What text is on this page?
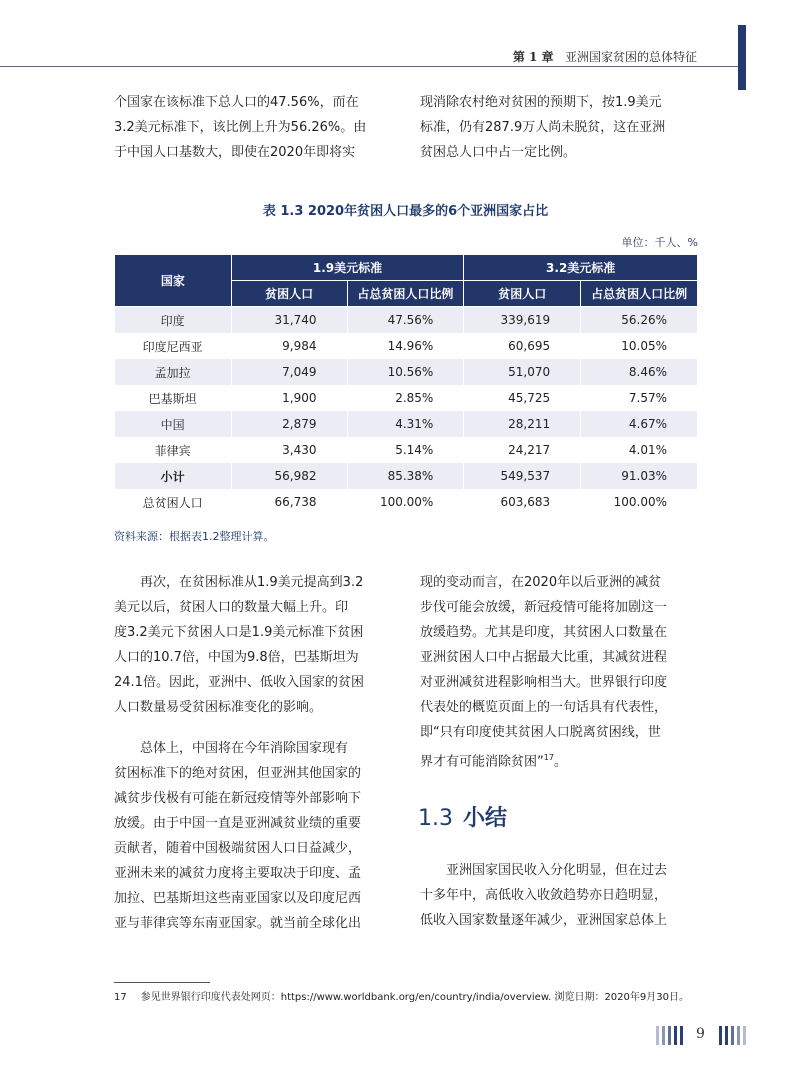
第 1 章 亚洲国家贫困的总体特征

个国家在该标准下总人口的47.56%，而在

3.2美元标准下，该比例上升为56.26%。由

于中国人口基数大，即使在2020年即将实

现消除农村绝对贫困的预期下，按1.9美元

标准，仍有287.9万人尚未脱贫，这在亚洲

贫困总人口中占一定比例。

表 1.3 2020年贫困人口最多的6个亚洲国家占比
单位：千人、%
国家	1.9美元标准		3.2美元标准	
	贫困人口	占总贫困人口比例	贫困人口	占总贫困人口比例
印度	31,740	47.56%	339,619	56.26%
印度尼西亚	9,984	14.96%	60,695	10.05%
孟加拉	7,049	10.56%	51,070	8.46%
巴基斯坦	1,900	2.85%	45,725	7.57%
中国	2,879	4.31%	28,211	4.67%
菲律宾	3,430	5.14%	24,217	4.01%
小计	56,982	85.38%	549,537	91.03%
总贫困人口	66,738	100.00%	603,683	100.00%
资料来源：根据表1.2整理计算。

再次，在贫困标准从1.9美元提高到3.2

美元以后，贫困人口的数量大幅上升。印

度3.2美元下贫困人口是1.9美元标准下贫困

人口的10.7倍，中国为9.8倍，巴基斯坦为

24.1倍。因此，亚洲中、低收入国家的贫困

人口数量易受贫困标准变化的影响。

总体上，中国将在今年消除国家现有

贫困标准下的绝对贫困，但亚洲其他国家的

减贫步伐极有可能在新冠疫情等外部影响下

放缓。由于中国一直是亚洲减贫业绩的重要

贡献者，随着中国极端贫困人口日益减少，

亚洲未来的减贫力度将主要取决于印度、孟

加拉、巴基斯坦这些南亚国家以及印度尼西

亚与菲律宾等东南亚国家。就当前全球化出

现的变动而言，在2020年以后亚洲的减贫

步伐可能会放缓，新冠疫情可能将加剧这一

放缓趋势。尤其是印度，其贫困人口数量在

亚洲贫困人口中占据最大比重，其减贫进程

对亚洲减贫进程影响相当大。世界银行印度

代表处的概览页面上的一句话具有代表性，

即“只有印度使其贫困人口脱离贫困线，世

界才有可能消除贫困”$^{17}$。

1.3 小结

亚洲国家国民收入分化明显，但在过去

十多年中，高低收入收敛趋势亦日趋明显，

低收入国家数量逐年减少，亚洲国家总体上

17 参见世界银行印度代表处网页：https://www.worldbank.org/en/country/india/overview. 浏览日期：2020年9月30日。
9
